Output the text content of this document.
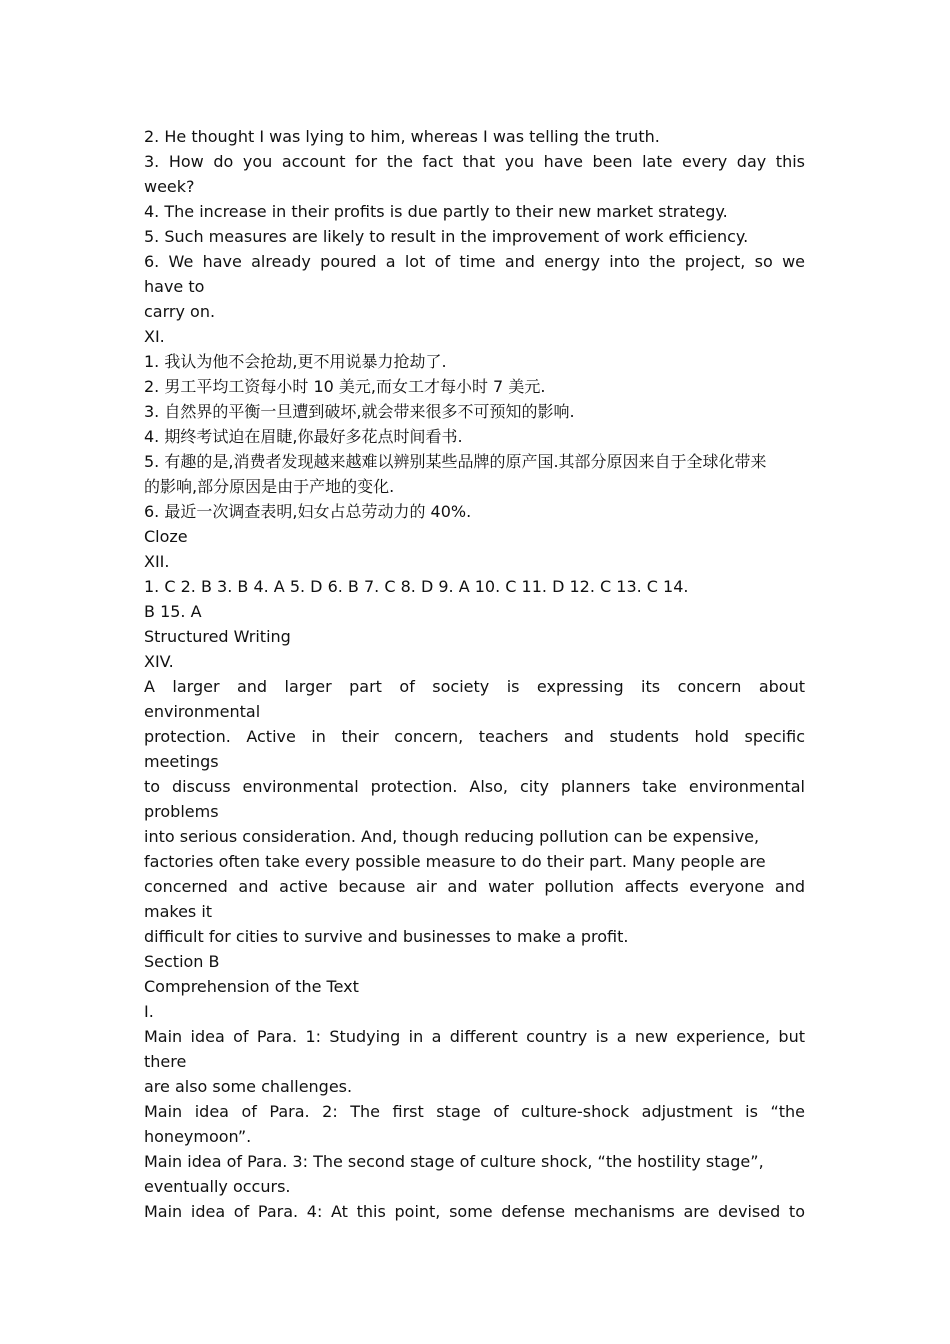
2. He thought I was lying to him, whereas I was telling the truth.
3. How do you account for the fact that you have been late every day this
week?
4. The increase in their profits is due partly to their new market strategy.
5. Such measures are likely to result in the improvement of work efficiency.
6. We have already poured a lot of time and energy into the project, so we
have to
carry on.
XI.
1. 我认为他不会抢劫,更不用说暴力抢劫了.
2. 男工平均工资每小时 10 美元,而女工才每小时 7 美元.
3. 自然界的平衡一旦遭到破坏,就会带来很多不可预知的影响.
4. 期终考试迫在眉睫,你最好多花点时间看书.
5. 有趣的是,消费者发现越来越难以辨别某些品牌的原产国.其部分原因来自于全球化带来
的影响,部分原因是由于产地的变化.
6. 最近一次调查表明,妇女占总劳动力的 40%.
Cloze
XII.
1. C 2. B 3. B 4. A 5. D 6. B 7. C 8. D 9. A 10. C 11. D 12. C 13. C 14.
B 15. A
Structured Writing
XIV.
A larger and larger part of society is expressing its concern about
environmental
protection. Active in their concern, teachers and students hold specific
meetings
to discuss environmental protection. Also, city planners take environmental
problems
into serious consideration. And, though reducing pollution can be expensive,
factories often take every possible measure to do their part. Many people are
concerned and active because air and water pollution affects everyone and
makes it
difficult for cities to survive and businesses to make a profit.
Section B
Comprehension of the Text
I.
Main idea of Para. 1: Studying in a different country is a new experience, but
there
are also some challenges.
Main idea of Para. 2: The first stage of culture-shock adjustment is “the
honeymoon”.
Main idea of Para. 3: The second stage of culture shock, “the hostility stage”,
eventually occurs.
Main idea of Para. 4: At this point, some defense mechanisms are devised to
